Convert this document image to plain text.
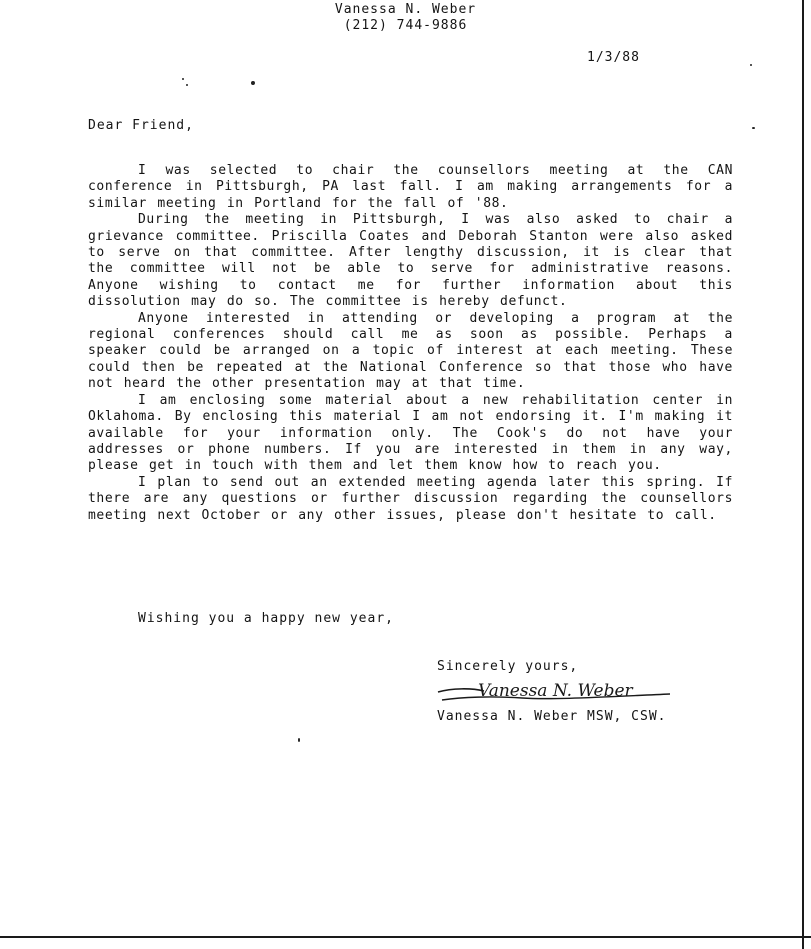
Vanessa N. Weber
(212) 744-9886
1/3/88
Dear Friend,

I was selected to chair the counsellors meeting at the CAN conference in Pittsburgh, PA last fall. I am making arrangements for a similar meeting in Portland for the fall of '88.

During the meeting in Pittsburgh, I was also asked to chair a grievance committee. Priscilla Coates and Deborah Stanton were also asked to serve on that committee. After lengthy discussion, it is clear that the committee will not be able to serve for administrative reasons. Anyone wishing to contact me for further information about this dissolution may do so. The committee is hereby defunct.

Anyone interested in attending or developing a program at the regional conferences should call me as soon as possible. Perhaps a speaker could be arranged on a topic of interest at each meeting. These could then be repeated at the National Conference so that those who have not heard the other presentation may at that time.

I am enclosing some material about a new rehabilitation center in Oklahoma. By enclosing this material I am not endorsing it. I'm making it available for your information only. The Cook's do not have your addresses or phone numbers. If you are interested in them in any way, please get in touch with them and let them know how to reach you.

I plan to send out an extended meeting agenda later this spring. If there are any questions or further discussion regarding the counsellors meeting next October or any other issues, please don't hesitate to call.

Wishing you a happy new year,
Sincerely yours,
Vanessa N. Weber
Vanessa N. Weber MSW, CSW.
